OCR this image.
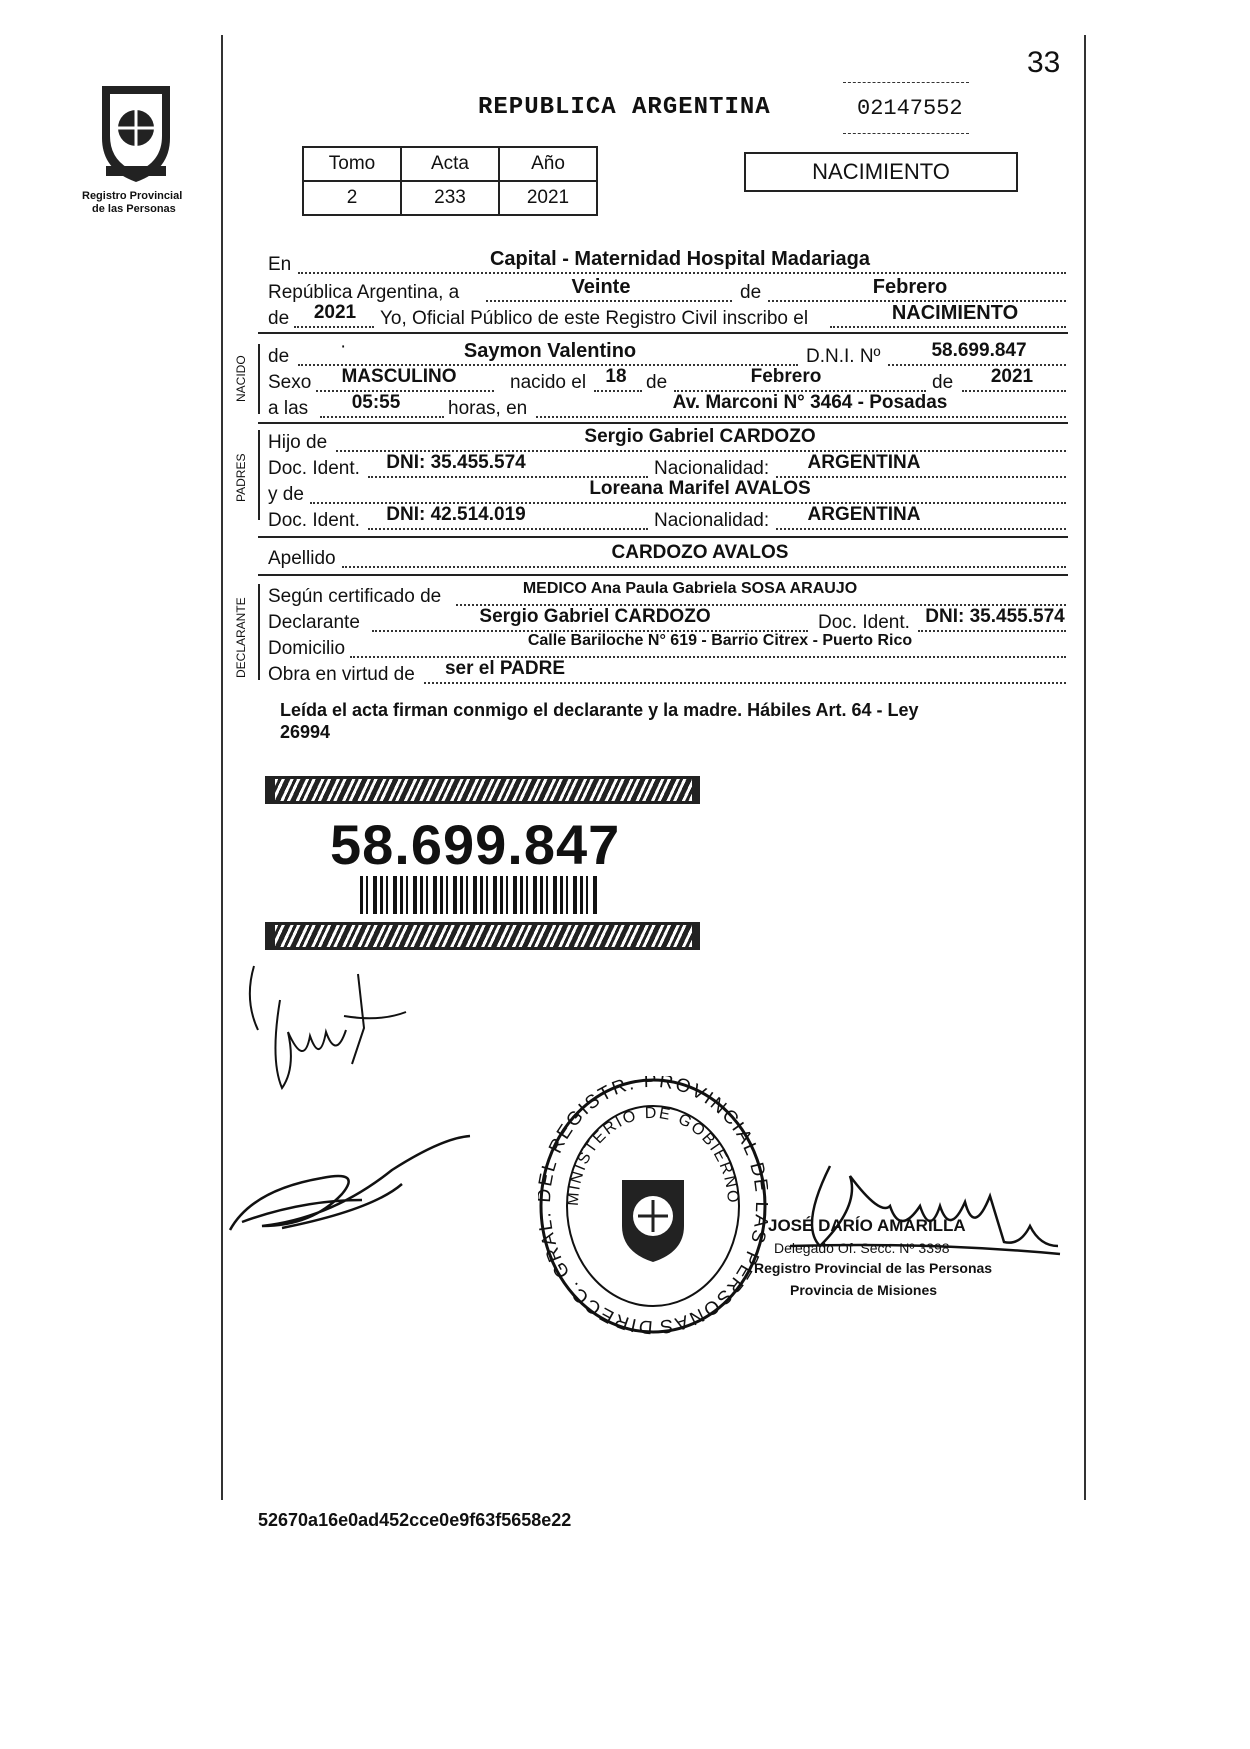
Registro Provincial
de las Personas
33
REPUBLICA ARGENTINA	02147552
Tomo	Acta	Año
2	233	2021
NACIMIENTO
En	Capital - Maternidad Hospital Madariaga
República Argentina, a	Veinte	de	Febrero
de	2021	Yo, Oficial Público de este Registro Civil inscribo el	NACIMIENTO
NACIDO de	·	Saymon Valentino	D.N.I. Nº	58.699.847
Sexo	MASCULINO	nacido el	18	de	Febrero	de	2021
a las	05:55	horas, en	Av. Marconi N° 3464 - Posadas
PADRES
Hijo de	Sergio Gabriel CARDOZO
Doc. Ident.	DNI: 35.455.574	Nacionalidad:	ARGENTINA
y de	Loreana Marifel AVALOS
Doc. Ident.	DNI: 42.514.019	Nacionalidad:	ARGENTINA
Apellido	CARDOZO AVALOS
DECLARANTE
Según certificado de	MEDICO Ana Paula Gabriela SOSA ARAUJO
Declarante	Sergio Gabriel CARDOZO	Doc. Ident. DNI: 35.455.574
Domicilio	Calle Bariloche N° 619 - Barrio Citrex - Puerto Rico
Obra en virtud de	ser el PADRE
Leída el acta firman conmigo el declarante y la madre. Hábiles Art. 64 - Ley
26994
58.699.847
DIRECC. GRA L REGISTR. PROVINCIAL D S PERSONAS
MINISTERIO DE GOBIERNO
JOSÉ DARÍO AMARILLA
Delegado Of. Secc. Nº 3398
Registro Provincial de las Personas
Provincia de Misiones
52670a16e0ad452cce0e9f63f5658e22
